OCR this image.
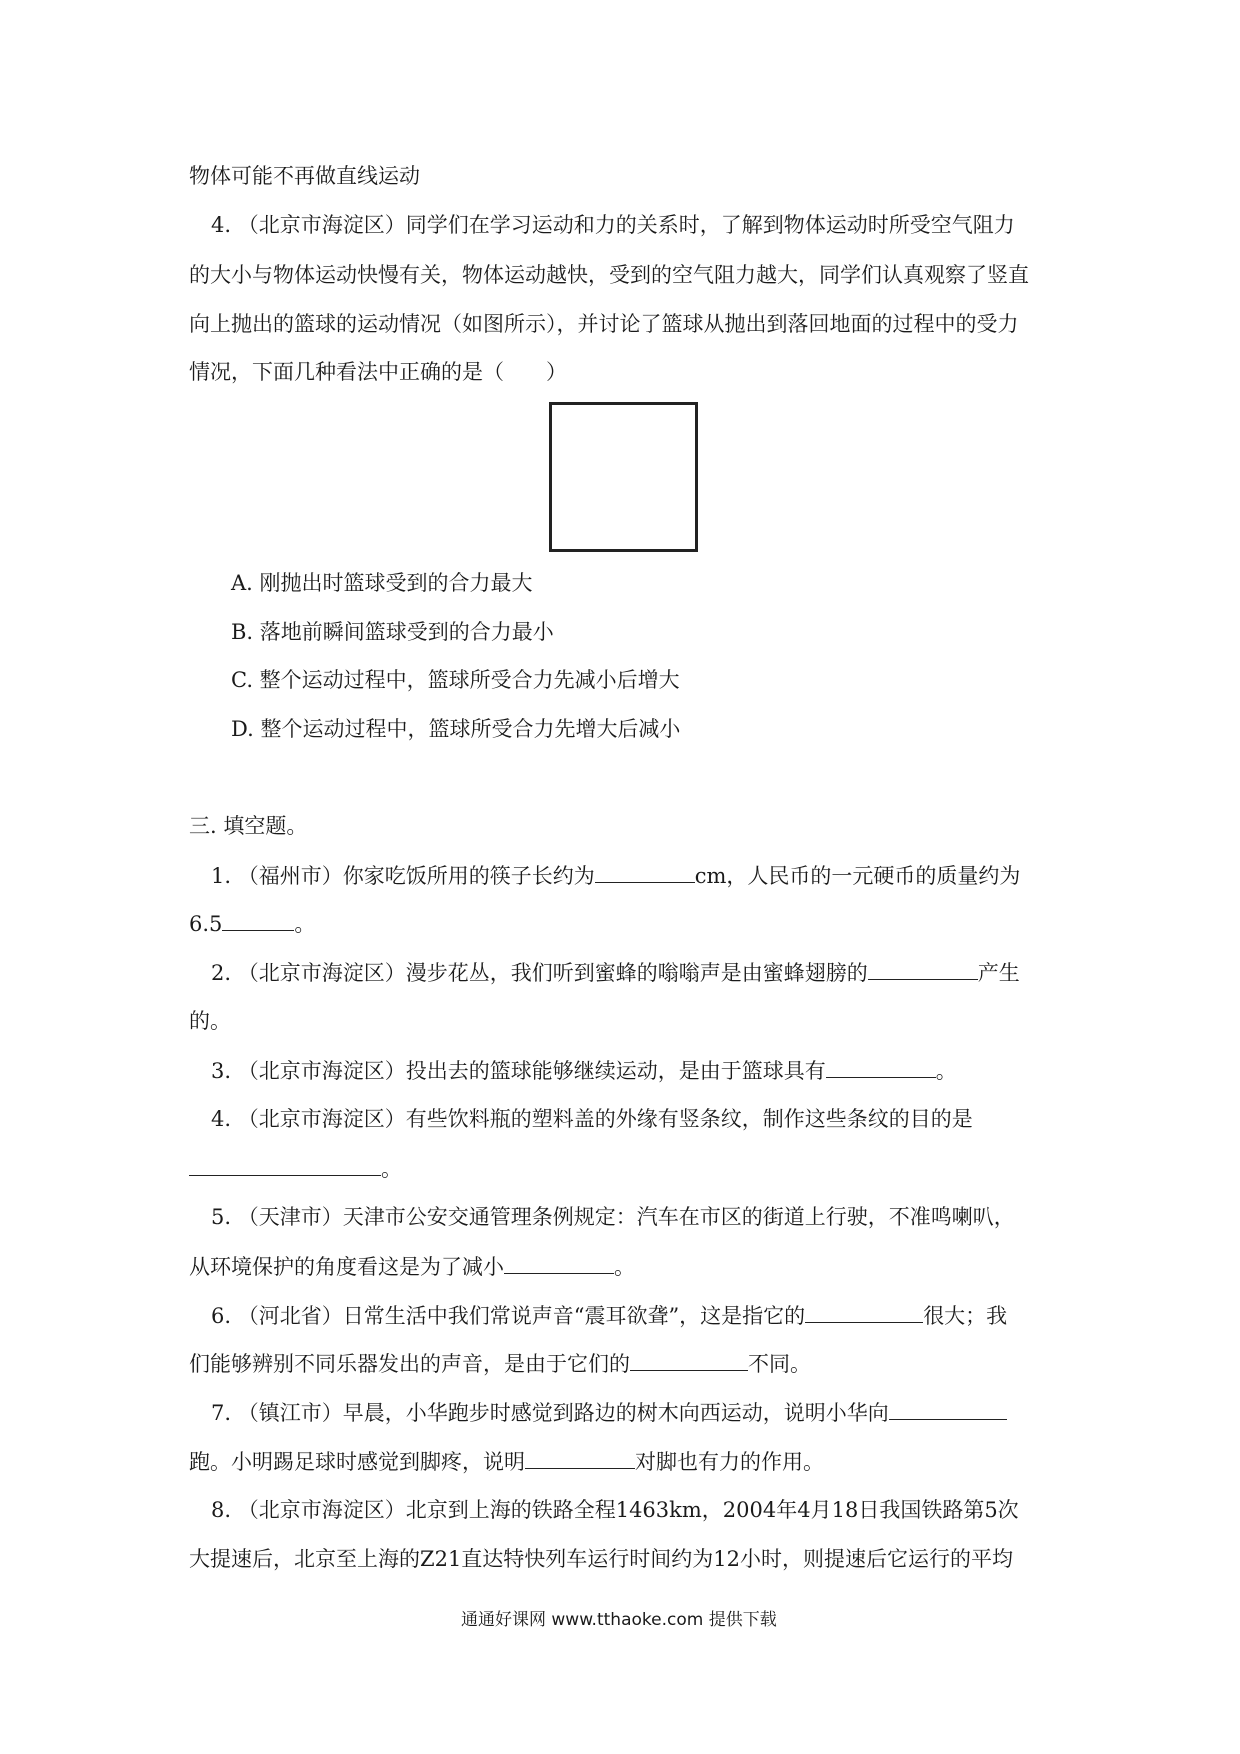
物体可能不再做直线运动
4. （北京市海淀区）同学们在学习运动和力的关系时，了解到物体运动时所受空气阻力
的大小与物体运动快慢有关，物体运动越快，受到的空气阻力越大，同学们认真观察了竖直
向上抛出的篮球的运动情况（如图所示），并讨论了篮球从抛出到落回地面的过程中的受力
情况，下面几种看法中正确的是（　　）
A. 刚抛出时篮球受到的合力最大
B. 落地前瞬间篮球受到的合力最小
C. 整个运动过程中，篮球所受合力先减小后增大
D. 整个运动过程中，篮球所受合力先增大后减小
三. 填空题。
1. （福州市）你家吃饭所用的筷子长约为	cm，人民币的一元硬币的质量约为
6.5	。
2. （北京市海淀区）漫步花丛，我们听到蜜蜂的嗡嗡声是由蜜蜂翅膀的	产生
的。
3. （北京市海淀区）投出去的篮球能够继续运动，是由于篮球具有	。
4. （北京市海淀区）有些饮料瓶的塑料盖的外缘有竖条纹，制作这些条纹的目的是
。
5. （天津市）天津市公安交通管理条例规定：汽车在市区的街道上行驶，不准鸣喇叭，
从环境保护的角度看这是为了减小	。
6. （河北省）日常生活中我们常说声音“震耳欲聋”，这是指它的	很大；我
们能够辨别不同乐器发出的声音，是由于它们的	不同。
7. （镇江市）早晨，小华跑步时感觉到路边的树木向西运动，说明小华向
跑。小明踢足球时感觉到脚疼，说明	对脚也有力的作用。
8. （北京市海淀区）北京到上海的铁路全程1463km，2004年4月18日我国铁路第5次
大提速后，北京至上海的Z21直达特快列车运行时间约为12小时，则提速后它运行的平均
通通好课网 www.tthaoke.com 提供下载
